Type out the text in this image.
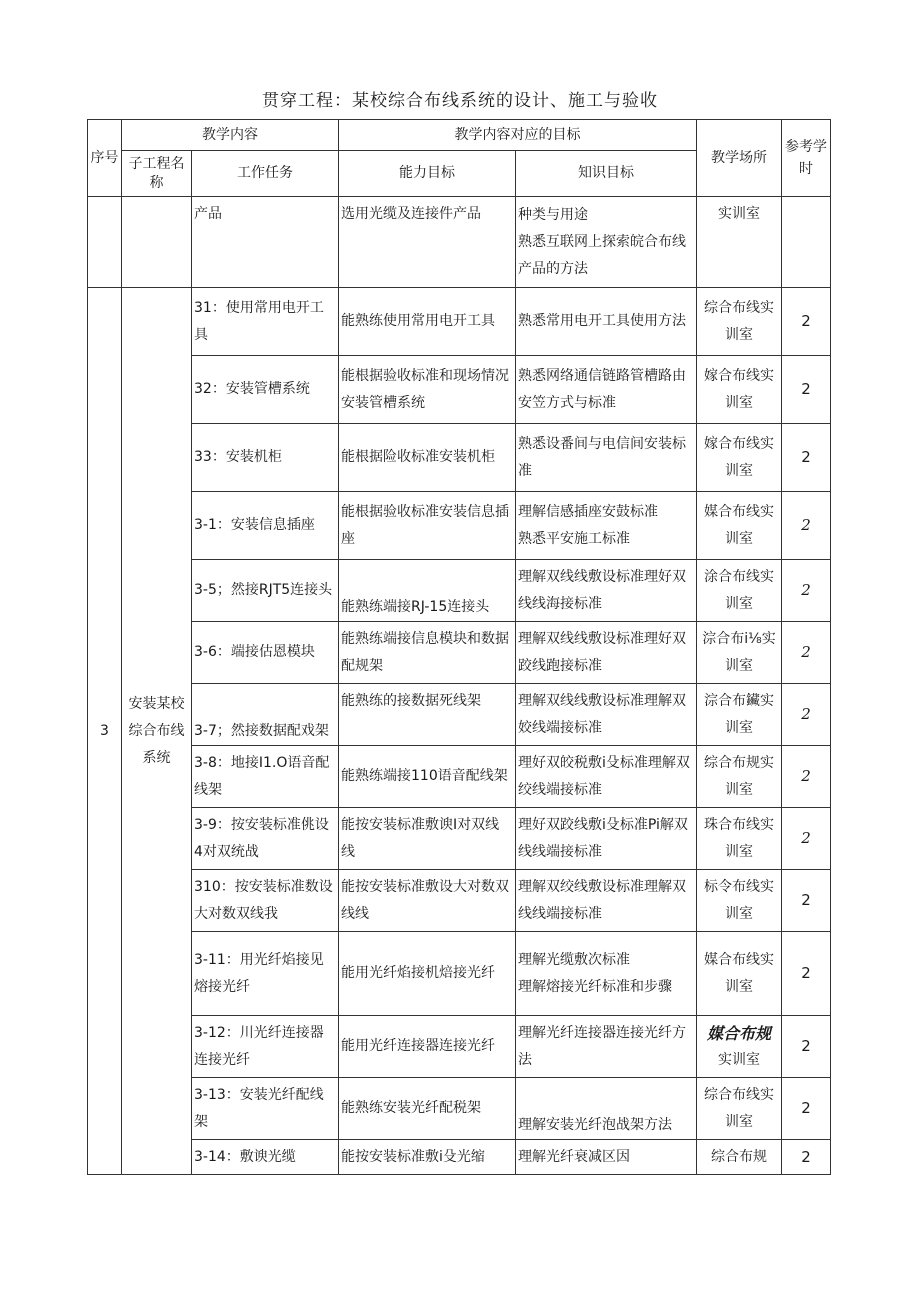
贯穿工程：某校综合布线系统的设计、施工与验收
序号	教学内容		教学内容对应的目标		教学场所	参考学时
	子工程名称	工作任务	能力目标	知识目标		
		产品	选用光缆及连接件产品	种类与用途
熟悉互联网上探索皖合布线产品的方法	实训室	
3	安装某校综合布线系统	31：使用常用电开工具	能熟练使用常用电开工具	熟悉常用电开工具使用方法	综合布线实训室	2
		32：安装管槽系统	能根据验收标准和现场情况安装管槽系统	熟悉网络通信链路管槽路由安笠方式与标准	嫁合布线实训室	2
		33：安装机柜	能根据险收标准安装机柜	熟悉设番间与电信间安装标准	嫁合布线实训室	2
		3-1：安装信息插座	能根据验收标准安装信息插座	理解信感插座安鼓标准
熟悉平安施工标准	媒合布线实训室	2
		3-5；然接RJT5连接头	能熟练端接RJ-15连接头	理解双线线敷设标准理好双线线海接标准	涂合布线实训室	2
		3-6：端接估恩模块	能熟练端接信息模块和数据配规架	理解双线线敷设标准理好双跤线跑接标准	淙合布i⅛实训室	2
		3-7；然接数据配戏架	能熟练的接数据死线架	理解双线线敷设标准理解双姣线端接标准	淙合布鑶实训室	2
		3-8：地接I1.O语音配线架	能熟练端接110语音配线架	理好双皎税敷i殳标准理解双绞线端接标准	综合布规实训室	2
		3-9：按安装标准佻设4对双统战	能按安装标准敷谀I对双线线	理好双跤线敷i殳标准Pi解双线线端接标准	珠合布线实训室	2
		310：按安装标准数设大对数双线我	能按安装标准敷设大对数双线线	理解双绞线敷设标准理解双线线端接标准	标令布线实训室	2
		3-11：用光纤焰接见熔接光纤	能用光纤焰接机焙接光纤	理解光缆敷次标准
理解熔接光纤标准和步骤	媒合布线实训室	2
		3-12：川光纤连接器连接光纤	能用光纤连接器连接光纤	理解光纤连接器连接光纤方法	媒合布规
实训室	2
		3-13：安装光纤配线架	能熟练安装光纤配税架	理解安装光纤泡战架方法	综合布线实训室	2
		3-14：敷谀光缆	能按安装标准敷i殳光缩	理解光纤衰减区因	综合布规	2
